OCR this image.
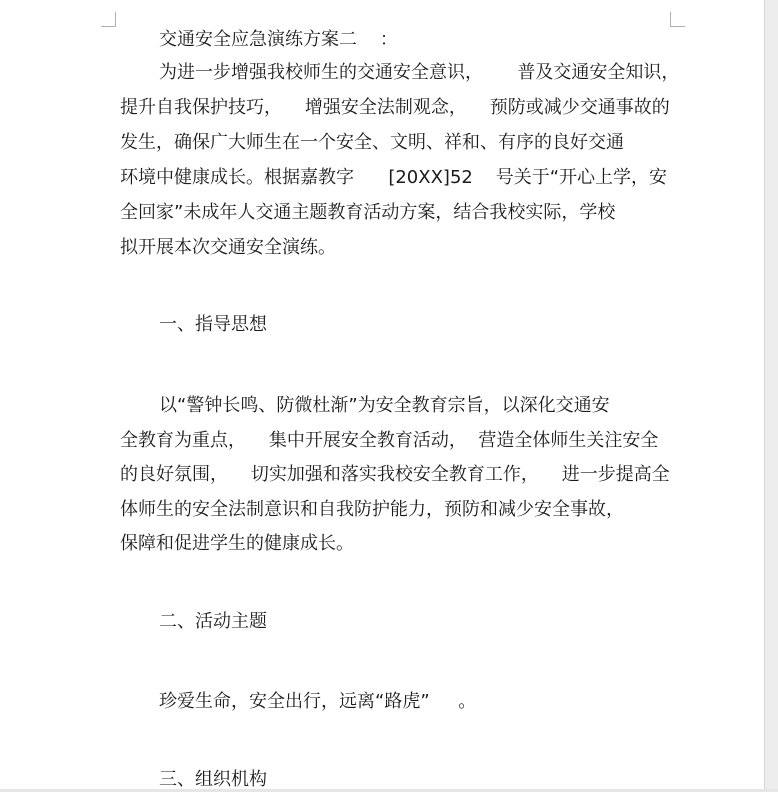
交通安全应急演练方案二    ：

为进一步增强我校师生的交通安全意识，      普及交通安全知识，

提升自我保护技巧，    增强安全法制观念，    预防或减少交通事故的

发生，确保广大师生在一个安全、文明、祥和、有序的良好交通

环境中健康成长。根据嘉教字      [20XX]52    号关于“开心上学，安

全回家”未成年人交通主题教育活动方案，结合我校实际，学校

拟开展本次交通安全演练。

一、指导思想

以“警钟长鸣、防微杜渐”为安全教育宗旨，以深化交通安

全教育为重点，    集中开展安全教育活动，  营造全体师生关注安全

的良好氛围，    切实加强和落实我校安全教育工作，    进一步提高全

体师生的安全法制意识和自我防护能力，预防和减少安全事故，

保障和促进学生的健康成长。

二、活动主题

珍爱生命，安全出行，远离“路虎”     。

三、组织机构
